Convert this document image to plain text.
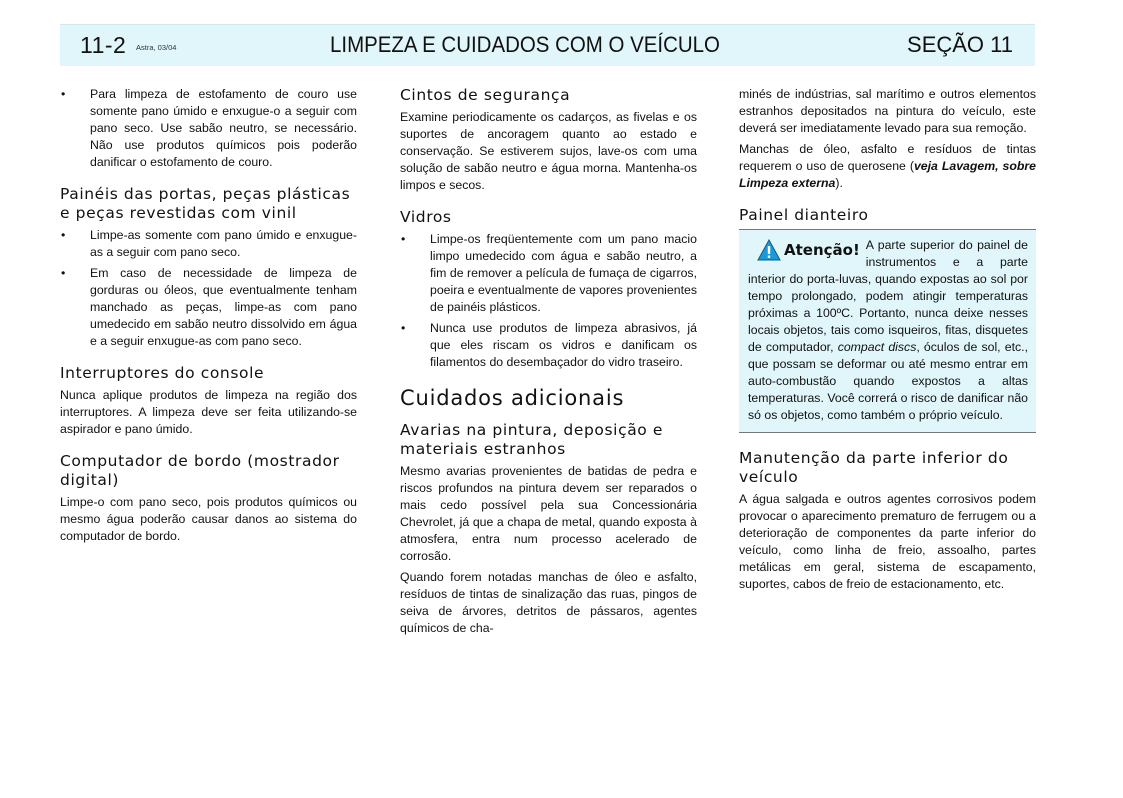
11-2 Astra, 03/04	LIMPEZA E CUIDADOS COM O VEÍCULO	SEÇÃO 11
• Para limpeza de estofamento de couro use somente pano úmido e enxugue-o a seguir com pano seco. Use sabão neutro, se necessário. Não use produtos químicos pois poderão danificar o estofamento de couro.
Painéis das portas, peças plásticas e peças revestidas com vinil
• Limpe-as somente com pano úmido e enxugue-as a seguir com pano seco.
• Em caso de necessidade de limpeza de gorduras ou óleos, que eventualmente tenham manchado as peças, limpe-as com pano umedecido em sabão neutro dissolvido em água e a seguir enxugue-as com pano seco.
Interruptores do console

Nunca aplique produtos de limpeza na região dos interruptores. A limpeza deve ser feita utilizando-se aspirador e pano úmido.

Computador de bordo (mostrador digital)

Limpe-o com pano seco, pois produtos químicos ou mesmo água poderão causar danos ao sistema do computador de bordo.

Cintos de segurança

Examine periodicamente os cadarços, as fivelas e os suportes de ancoragem quanto ao estado e conservação. Se estiverem sujos, lave-os com uma solução de sabão neutro e água morna. Mantenha-os limpos e secos.

Vidros
• Limpe-os freqüentemente com um pano macio limpo umedecido com água e sabão neutro, a fim de remover a película de fumaça de cigarros, poeira e eventualmente de vapores provenientes de painéis plásticos.
• Nunca use produtos de limpeza abrasivos, já que eles riscam os vidros e danificam os filamentos do desembaçador do vidro traseiro.
Cuidados adicionais
Avarias na pintura, deposição e materiais estranhos

Mesmo avarias provenientes de batidas de pedra e riscos profundos na pintura devem ser reparados o mais cedo possível pela sua Concessionária Chevrolet, já que a chapa de metal, quando exposta à atmosfera, entra num processo acelerado de corrosão.

Quando forem notadas manchas de óleo e asfalto, resíduos de tintas de sinalização das ruas, pingos de seiva de árvores, detritos de pássaros, agentes químicos de cha-

minés de indústrias, sal marítimo e outros elementos estranhos depositados na pintura do veículo, este deverá ser imediatamente levado para sua remoção.

Manchas de óleo, asfalto e resíduos de tintas requerem o uso de querosene (veja Lavagem, sobre Limpeza externa).

Painel dianteiro
Atenção! A parte superior do painel de instrumentos e a parte interior do porta-luvas, quando expostas ao sol por tempo prolongado, podem atingir temperaturas próximas a 100ºC. Portanto, nunca deixe nesses locais objetos, tais como isqueiros, fitas, disquetes de computador, compact discs, óculos de sol, etc., que possam se deformar ou até mesmo entrar em auto-combustão quando expostos a altas temperaturas. Você correrá o risco de danificar não só os objetos, como também o próprio veículo.

Manutenção da parte inferior do veículo

A água salgada e outros agentes corrosivos podem provocar o aparecimento prematuro de ferrugem ou a deterioração de componentes da parte inferior do veículo, como linha de freio, assoalho, partes metálicas em geral, sistema de escapamento, suportes, cabos de freio de estacionamento, etc.
